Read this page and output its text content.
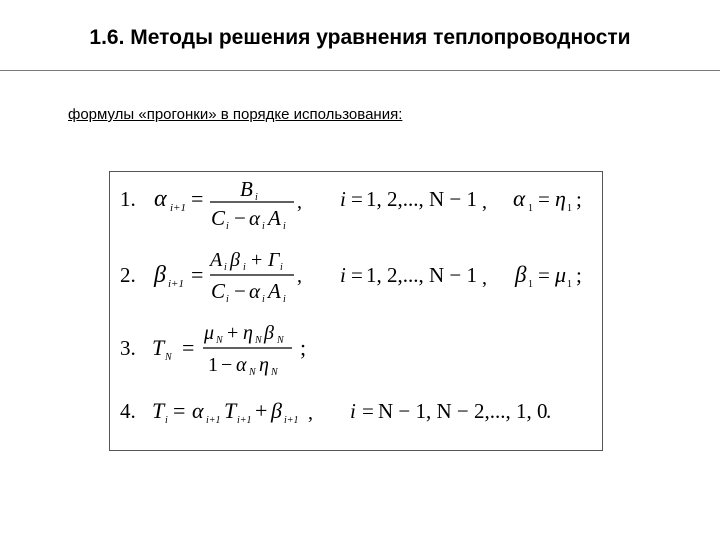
1.6. Методы решения уравнения теплопроводности
формулы «прогонки» в порядке использования:
1. α i+1 = B i
C i − α i A i
, i = 1, 2,..., N − 1 , α 1 = η 1 ;
2. β i+1 =
A i β i + Г i
C i − α i A i
, i = 1, 2,..., N − 1 , β 1 = μ 1 ;
3. T N =
μ N + η N β N
1 − α N η N
;
4. T i = α i+1 T i+1 + β i+1 , i = N − 1, N − 2,..., 1, 0
.
